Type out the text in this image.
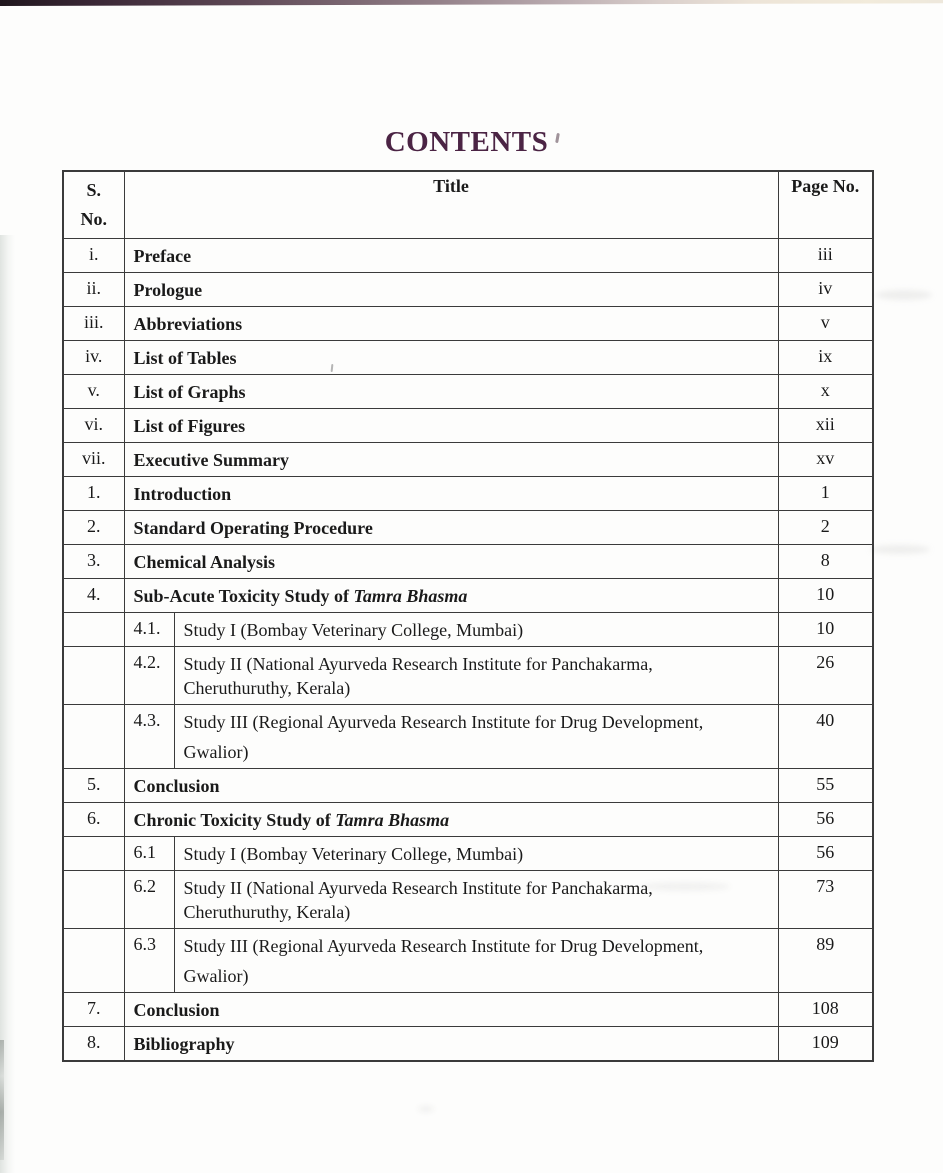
CONTENTS
S.
No.	Title		Page No.
i.	Preface		iii
ii.	Prologue		iv
iii.	Abbreviations		v
iv.	List of Tables		ix
v.	List of Graphs		x
vi.	List of Figures		xii
vii.	Executive Summary		xv
1.	Introduction		1
2.	Standard Operating Procedure		2
3.	Chemical Analysis		8
4.	Sub-Acute Toxicity Study of Tamra Bhasma		10
	4.1.	Study I (Bombay Veterinary College, Mumbai)	10
	4.2.	Study II (National Ayurveda Research Institute for Panchakarma,
Cheruthuruthy, Kerala)	26
	4.3.	Study III (Regional Ayurveda Research Institute for Drug Development,
Gwalior)	40
5.	Conclusion		55
6.	Chronic Toxicity Study of Tamra Bhasma		56
	6.1	Study I (Bombay Veterinary College, Mumbai)	56
	6.2	Study II (National Ayurveda Research Institute for Panchakarma,
Cheruthuruthy, Kerala)	73
	6.3	Study III (Regional Ayurveda Research Institute for Drug Development,
Gwalior)	89
7.	Conclusion		108
8.	Bibliography		109
